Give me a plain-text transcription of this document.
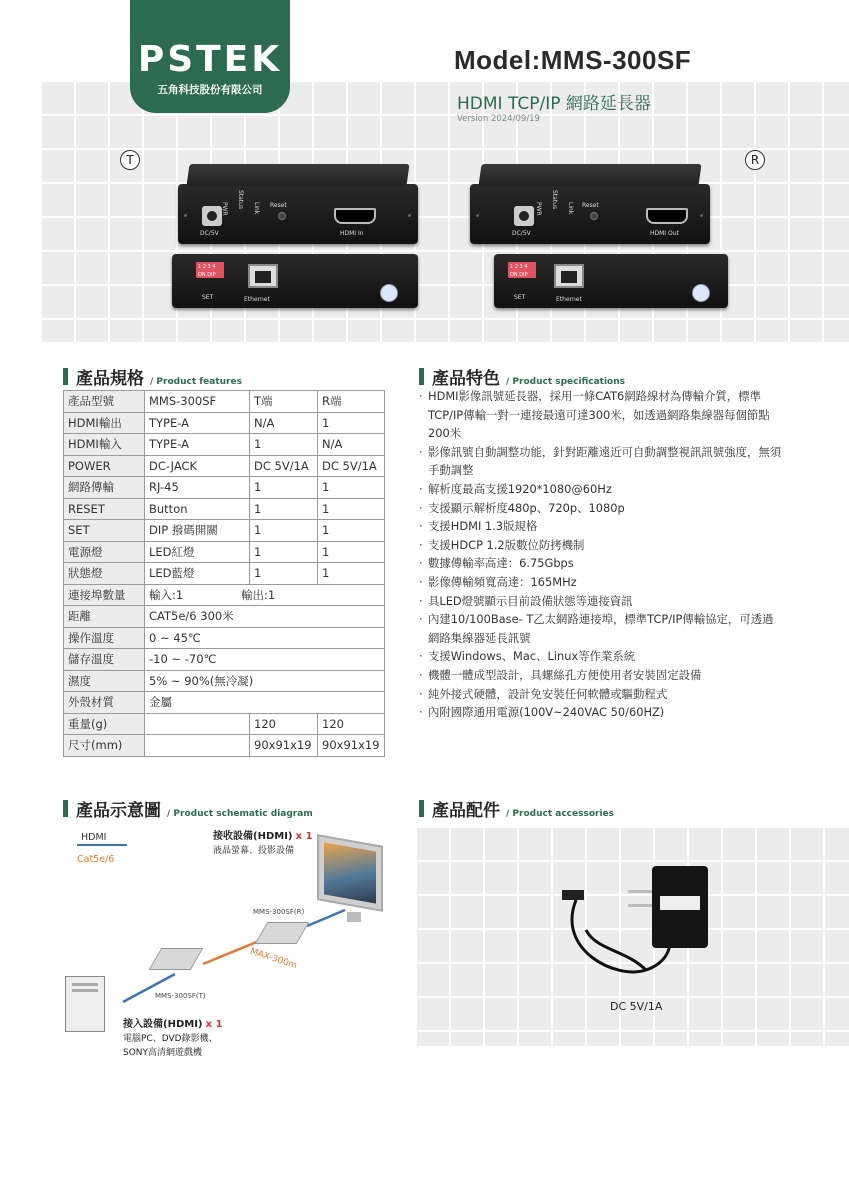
PSTEK
五角科技股份有限公司
Model:MMS-300SF
HDMI TCP/IP 網路延長器
Version 2024/09/19
T	R
DC/5V
PWR Status Link Reset
HDMI In	DC/5V
PWR Status Link Reset
HDMI Out
1 2 3 4
ON DIP
SET	Ethernet
1 2 3 4
ON DIP
SET	Ethernet
產品規格 / Product features
產品型號	MMS-300SF	T端	R端
HDMI輸出	TYPE-A	N/A	1
HDMI輸入	TYPE-A	1	N/A
POWER	DC-JACK	DC 5V/1A	DC 5V/1A
網路傳輸	RJ-45	1	1
RESET	Button	1	1
SET	DIP 撥碼開關	1	1
電源燈	LED紅燈	1	1
狀態燈	LED藍燈	1	1
連接埠數量	輸入:1 輸出:1		
距離	CAT5e/6 300米		
操作溫度	0 ~ 45℃		
儲存溫度	-10 ~ -70℃		
濕度	5% ~ 90%(無冷凝)		
外殼材質	金屬		
重量(g)		120	120
尺寸(mm)		90x91x19	90x91x19
產品特色 / Product specifications
· HDMI影像訊號延長器，採用一條CAT6網路線材為傳輸介質，標準TCP/IP傳輸一對一連接最遠可達300米，如透過網路集線器每個節點200米
· 影像訊號自動調整功能，針對距離遠近可自動調整視訊訊號強度，無須手動調整
· 解析度最高支援1920*1080@60Hz
· 支援顯示解析度480p、720p、1080p
· 支援HDMI 1.3版規格
· 支援HDCP 1.2版數位防拷機制
· 數據傳輸率高達：6.75Gbps
· 影像傳輸頻寬高達：165MHz
· 具LED燈號顯示目前設備狀態等連接資訊
· 內建10/100Base- T乙太網路連接埠，標準TCP/IP傳輸協定，可透過網路集線器延長訊號
· 支援Windows、Mac、Linux等作業系統
· 機體一體成型設計，具螺絲孔方便使用者安裝固定設備
· 純外接式硬體，設計免安裝任何軟體或驅動程式
· 內附國際通用電源(100V~240VAC 50/60HZ)
產品示意圖 / Product schematic diagram
HDMI
Cat5e/6
接收設備(HDMI) x 1
液晶螢幕、投影設備
MMS-300SF(R)
MAX-300m
MMS-300SF(T)
接入設備(HDMI) x 1
電腦PC、DVD錄影機、
SONY高清網遊戲機
產品配件 / Product accessories
DC 5V/1A
